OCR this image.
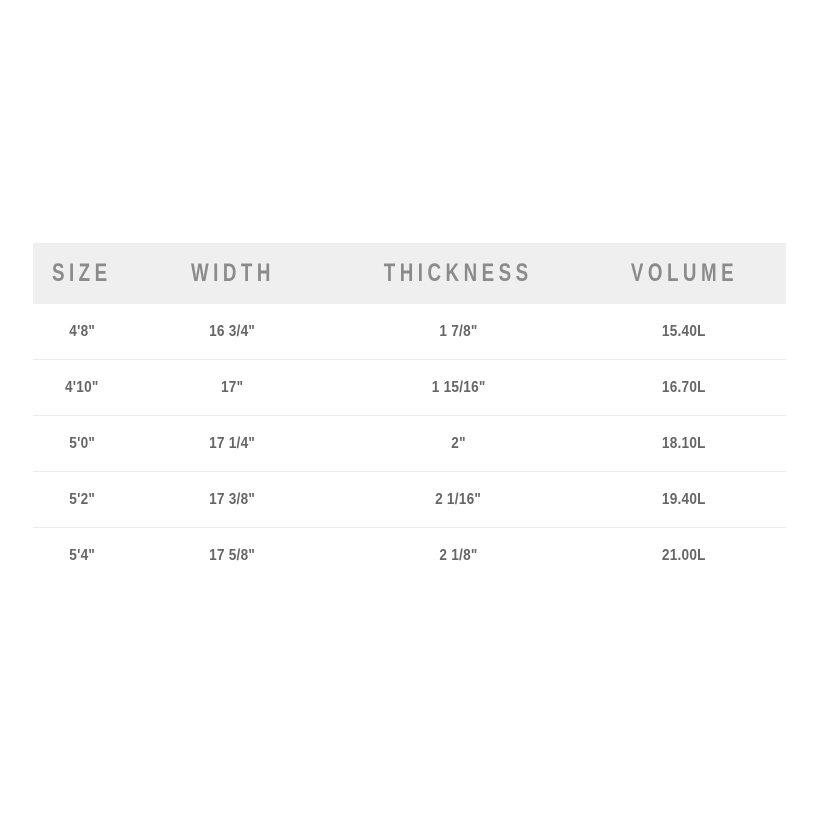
SIZE	WIDTH	THICKNESS	VOLUME
4'8"	16 3/4"	1 7/8"	15.40L
4'10"	17"	1 15/16"	16.70L
5'0"	17 1/4"	2"	18.10L
5'2"	17 3/8"	2 1/16"	19.40L
5'4"	17 5/8"	2 1/8"	21.00L
